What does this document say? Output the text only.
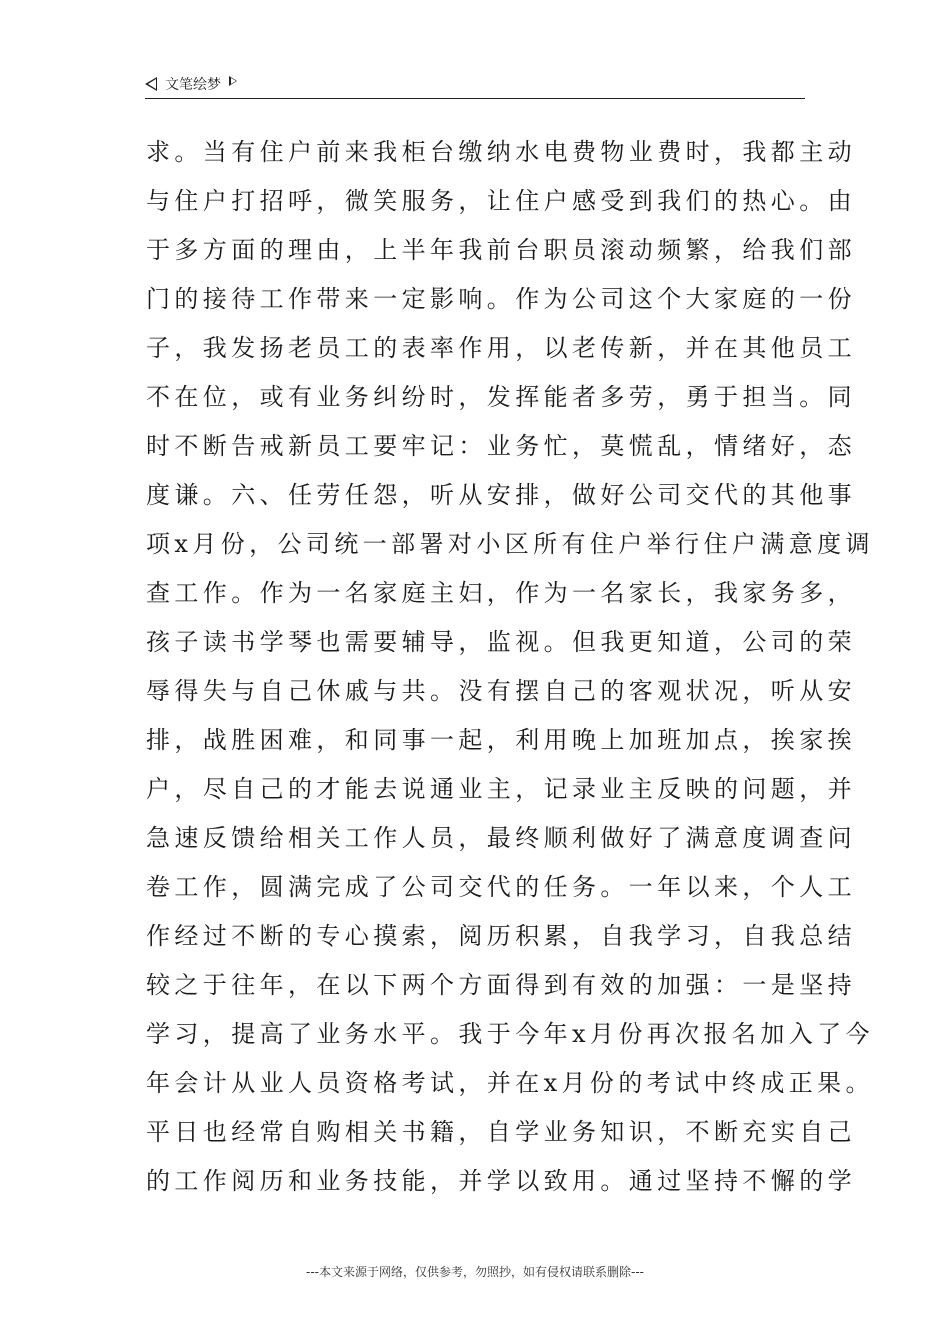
文笔绘梦
求。当有住户前来我柜台缴纳水电费物业费时，我都主动
与住户打招呼，微笑服务，让住户感受到我们的热心。由
于多方面的理由，上半年我前台职员滚动频繁，给我们部
门的接待工作带来一定影响。作为公司这个大家庭的一份
子，我发扬老员工的表率作用，以老传新，并在其他员工
不在位，或有业务纠纷时，发挥能者多劳，勇于担当。同
时不断告戒新员工要牢记：业务忙，莫慌乱，情绪好，态
度谦。六、任劳任怨，听从安排，做好公司交代的其他事
项x月份，公司统一部署对小区所有住户举行住户满意度调
查工作。作为一名家庭主妇，作为一名家长，我家务多，
孩子读书学琴也需要辅导，监视。但我更知道，公司的荣
辱得失与自己休戚与共。没有摆自己的客观状况，听从安
排，战胜困难，和同事一起，利用晚上加班加点，挨家挨
户，尽自己的才能去说通业主，记录业主反映的问题，并
急速反馈给相关工作人员，最终顺利做好了满意度调查问
卷工作，圆满完成了公司交代的任务。一年以来，个人工
作经过不断的专心摸索，阅历积累，自我学习，自我总结
较之于往年，在以下两个方面得到有效的加强：一是坚持
学习，提高了业务水平。我于今年x月份再次报名加入了今
年会计从业人员资格考试，并在x月份的考试中终成正果。
平日也经常自购相关书籍，自学业务知识，不断充实自己
的工作阅历和业务技能，并学以致用。通过坚持不懈的学
---本文来源于网络，仅供参考，勿照抄，如有侵权请联系删除---
